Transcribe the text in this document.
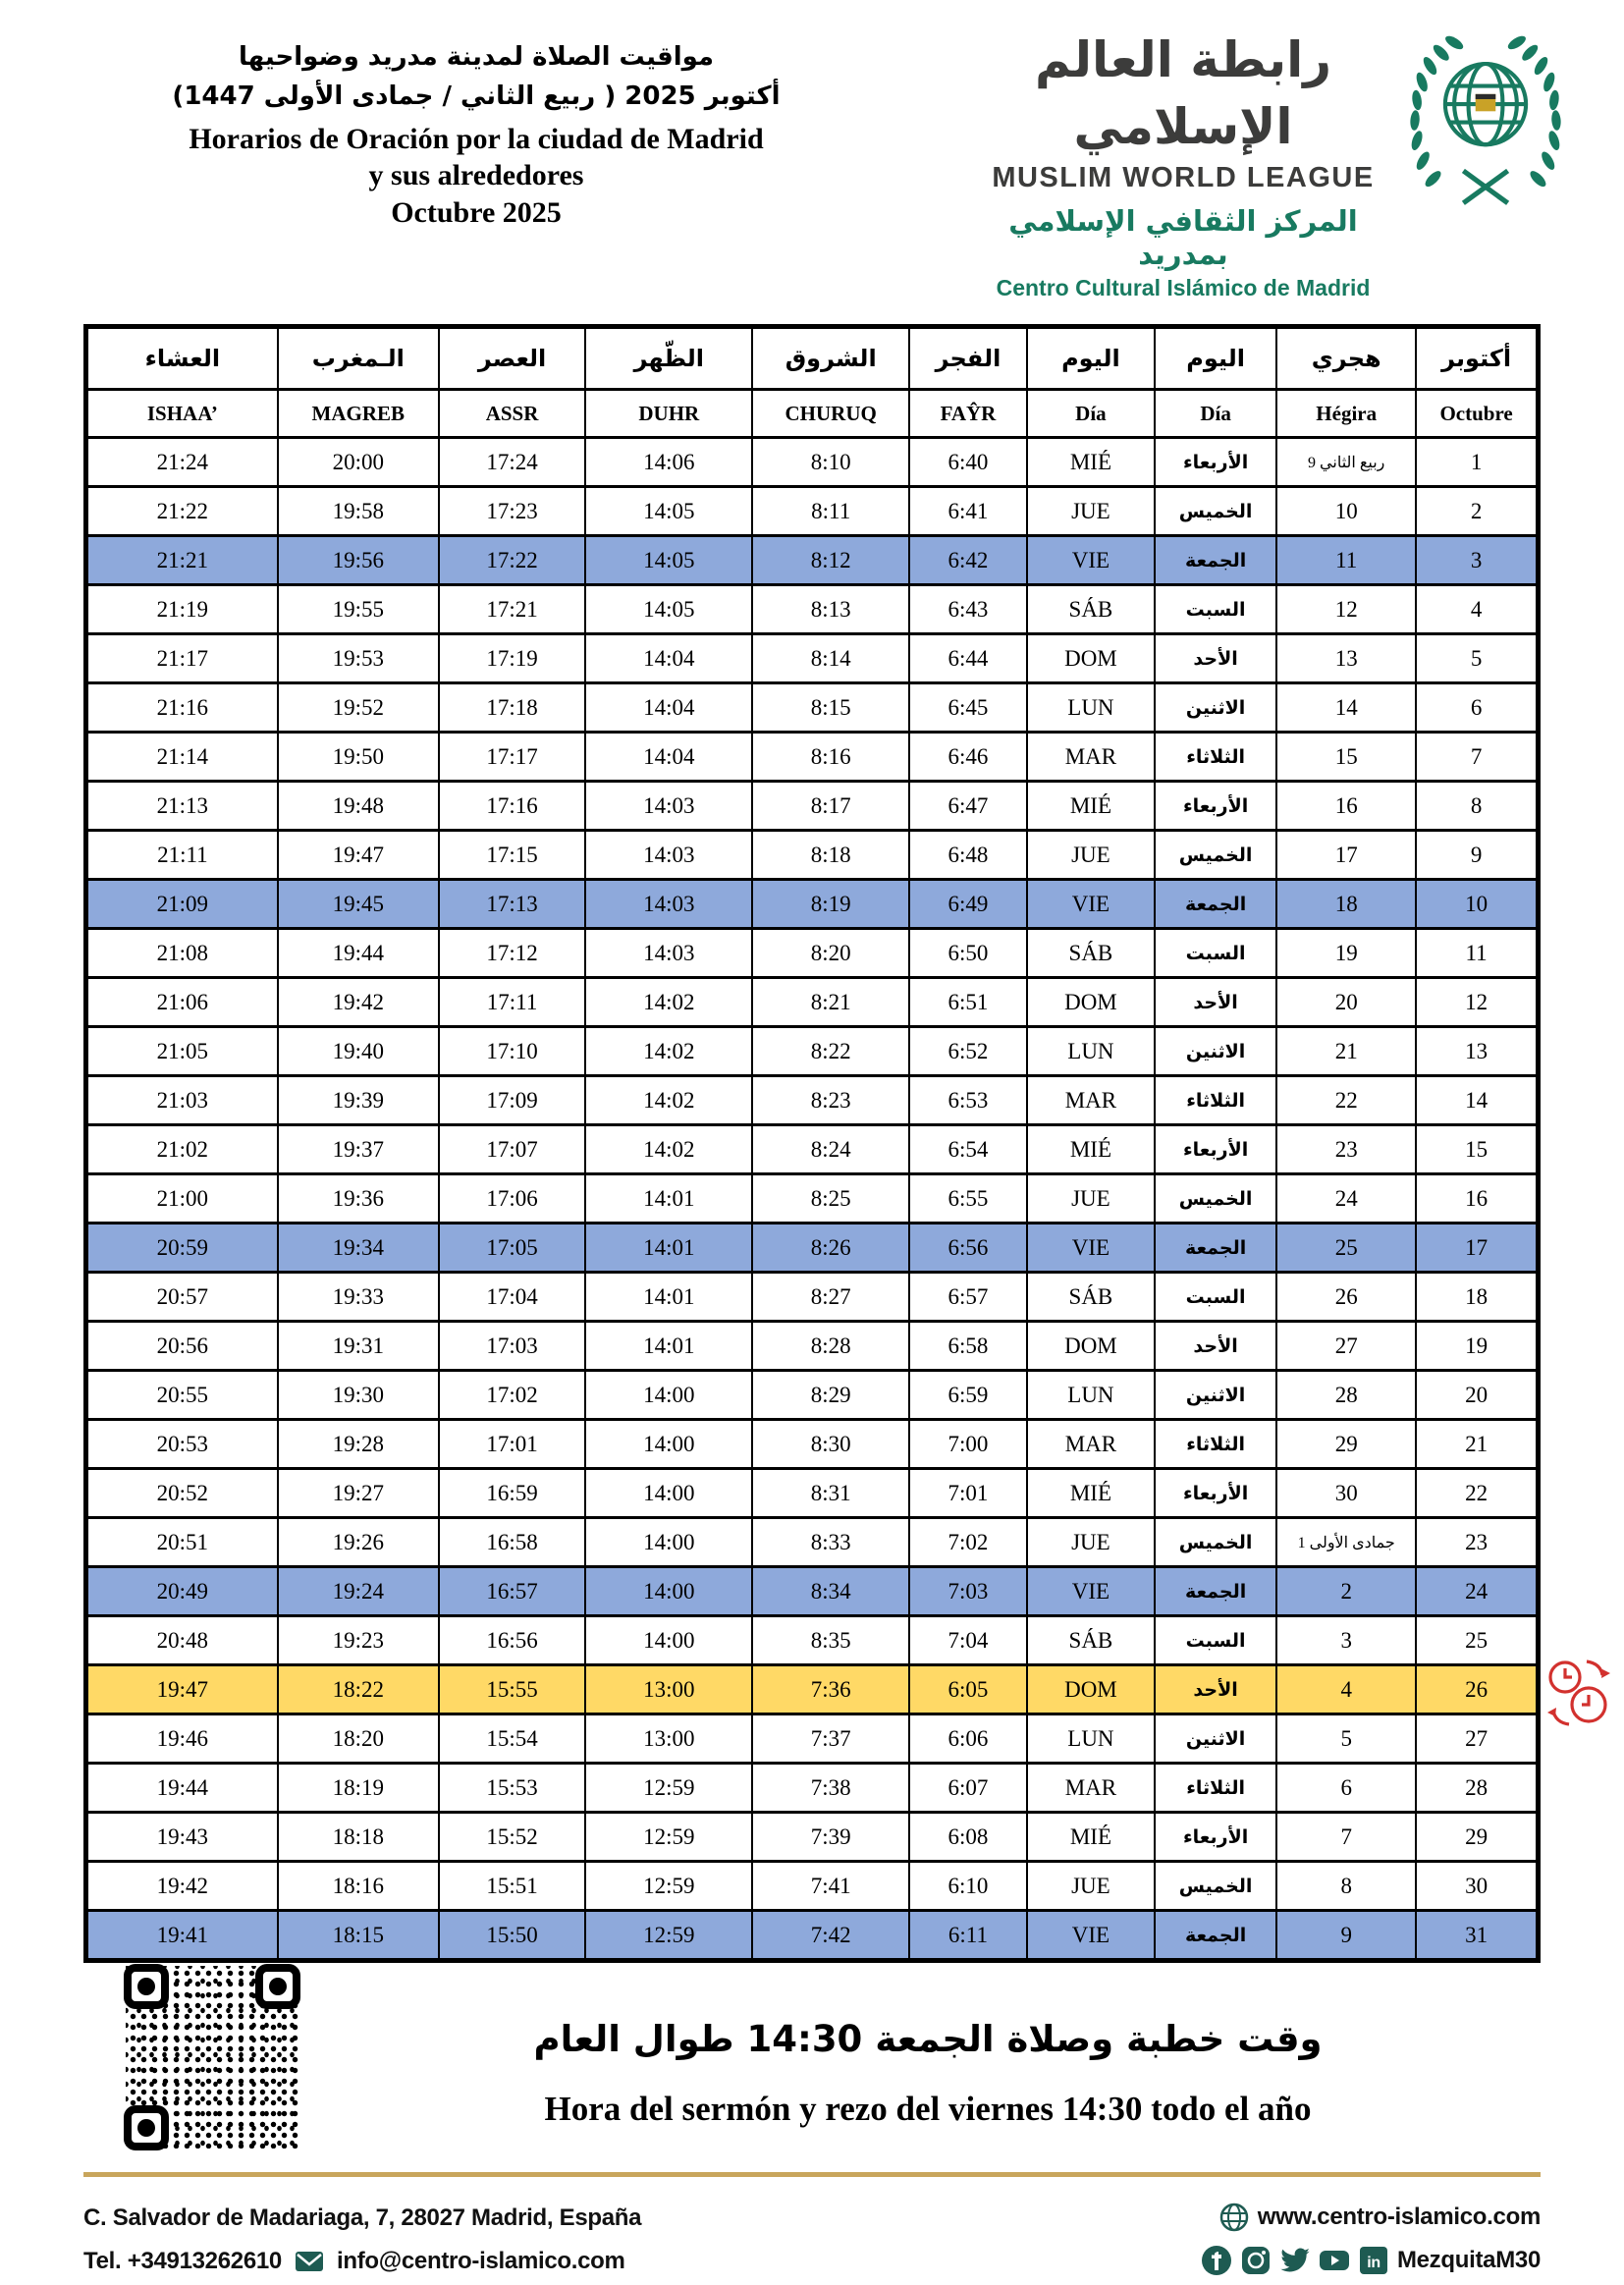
مواقيت الصلاة لمدينة مدريد وضواحيها
أكتوبر 2025 ( ربيع الثاني / جمادى الأولى 1447)
Horarios de Oración por la ciudad de Madrid
y sus alrededores
Octubre 2025
رابطة العالم الإسلامي
MUSLIM WORLD LEAGUE
المركز الثقافي الإسلامي بمدريد
Centro Cultural Islámico de Madrid
العشاء	الـمغرب	العصر	الظّهر	الشروق	الفجر	اليوم	اليوم	هجري	أكتوبر
ISHAA’	MAGREB	ASSR	DUHR	CHURUQ	FAŶR	Día	Día	Hégira	Octubre
21:24	20:00	17:24	14:06	8:10	6:40	MIÉ	الأربعاء	9 ربيع الثاني	1
21:22	19:58	17:23	14:05	8:11	6:41	JUE	الخميس	10	2
21:21	19:56	17:22	14:05	8:12	6:42	VIE	الجمعة	11	3
21:19	19:55	17:21	14:05	8:13	6:43	SÁB	السبت	12	4
21:17	19:53	17:19	14:04	8:14	6:44	DOM	الأحد	13	5
21:16	19:52	17:18	14:04	8:15	6:45	LUN	الاثنين	14	6
21:14	19:50	17:17	14:04	8:16	6:46	MAR	الثلاثاء	15	7
21:13	19:48	17:16	14:03	8:17	6:47	MIÉ	الأربعاء	16	8
21:11	19:47	17:15	14:03	8:18	6:48	JUE	الخميس	17	9
21:09	19:45	17:13	14:03	8:19	6:49	VIE	الجمعة	18	10
21:08	19:44	17:12	14:03	8:20	6:50	SÁB	السبت	19	11
21:06	19:42	17:11	14:02	8:21	6:51	DOM	الأحد	20	12
21:05	19:40	17:10	14:02	8:22	6:52	LUN	الاثنين	21	13
21:03	19:39	17:09	14:02	8:23	6:53	MAR	الثلاثاء	22	14
21:02	19:37	17:07	14:02	8:24	6:54	MIÉ	الأربعاء	23	15
21:00	19:36	17:06	14:01	8:25	6:55	JUE	الخميس	24	16
20:59	19:34	17:05	14:01	8:26	6:56	VIE	الجمعة	25	17
20:57	19:33	17:04	14:01	8:27	6:57	SÁB	السبت	26	18
20:56	19:31	17:03	14:01	8:28	6:58	DOM	الأحد	27	19
20:55	19:30	17:02	14:00	8:29	6:59	LUN	الاثنين	28	20
20:53	19:28	17:01	14:00	8:30	7:00	MAR	الثلاثاء	29	21
20:52	19:27	16:59	14:00	8:31	7:01	MIÉ	الأربعاء	30	22
20:51	19:26	16:58	14:00	8:33	7:02	JUE	الخميس	1 جمادى الأولى	23
20:49	19:24	16:57	14:00	8:34	7:03	VIE	الجمعة	2	24
20:48	19:23	16:56	14:00	8:35	7:04	SÁB	السبت	3	25
19:47	18:22	15:55	13:00	7:36	6:05	DOM	الأحد	4	26
19:46	18:20	15:54	13:00	7:37	6:06	LUN	الاثنين	5	27
19:44	18:19	15:53	12:59	7:38	6:07	MAR	الثلاثاء	6	28
19:43	18:18	15:52	12:59	7:39	6:08	MIÉ	الأربعاء	7	29
19:42	18:16	15:51	12:59	7:41	6:10	JUE	الخميس	8	30
19:41	18:15	15:50	12:59	7:42	6:11	VIE	الجمعة	9	31
وقت خطبة وصلاة الجمعة 14:30 طوال العام
Hora del sermón y rezo del viernes 14:30 todo el año
C. Salvador de Madariaga, 7, 28027 Madrid, España
Tel. +34913262610 info@centro-islamico.com
www.centro-islamico.com
in MezquitaM30
